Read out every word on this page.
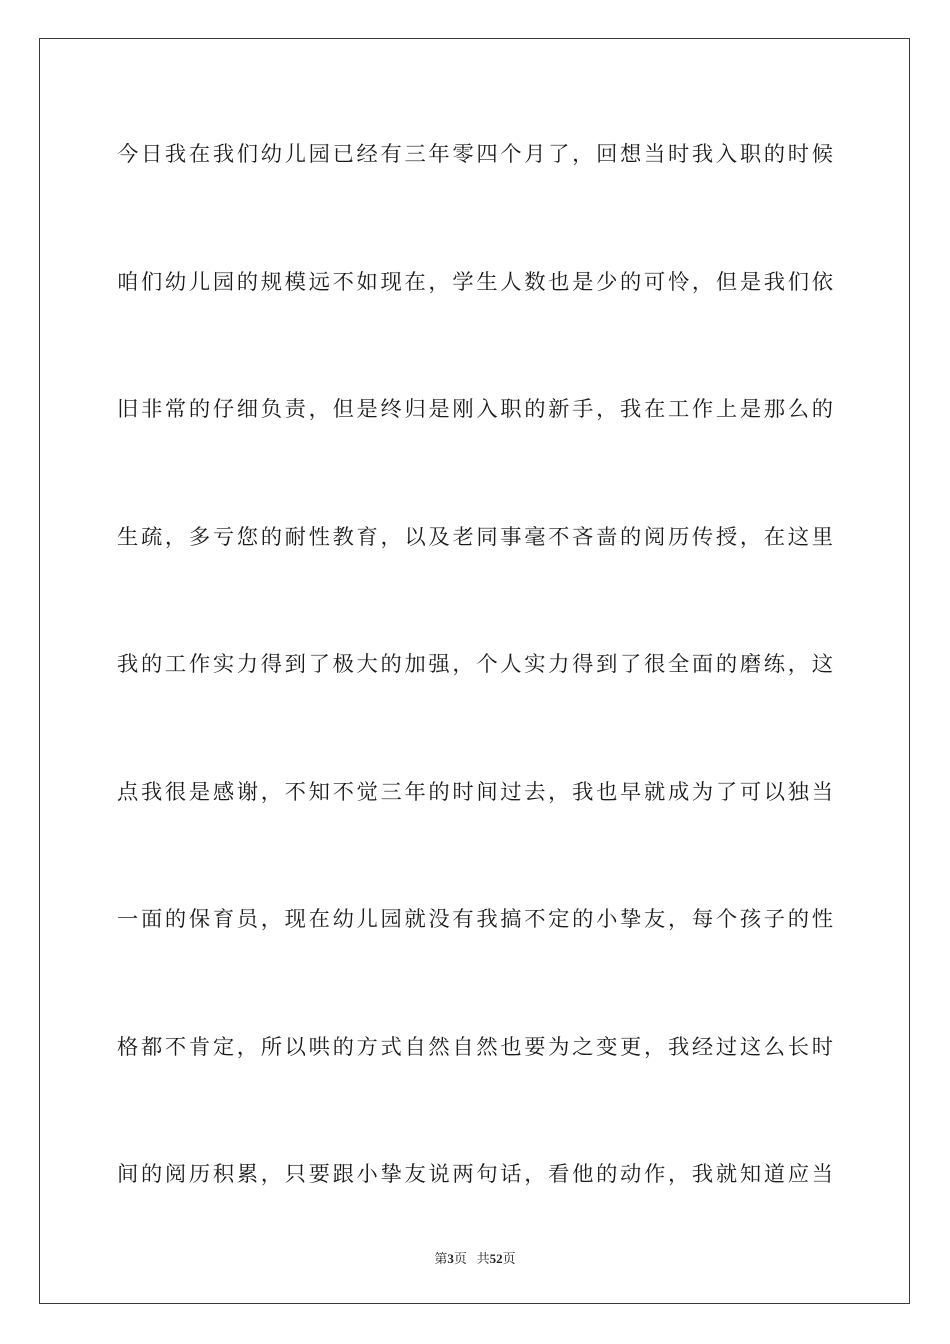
今日我在我们幼儿园已经有三年零四个月了，回想当时我入职的时候
咱们幼儿园的规模远不如现在，学生人数也是少的可怜，但是我们依
旧非常的仔细负责，但是终归是刚入职的新手，我在工作上是那么的
生疏，多亏您的耐性教育，以及老同事毫不吝啬的阅历传授，在这里
我的工作实力得到了极大的加强，个人实力得到了很全面的磨练，这
点我很是感谢，不知不觉三年的时间过去，我也早就成为了可以独当
一面的保育员，现在幼儿园就没有我搞不定的小挚友，每个孩子的性
格都不肯定，所以哄的方式自然自然也要为之变更，我经过这么长时
间的阅历积累，只要跟小挚友说两句话，看他的动作，我就知道应当
第3页 共52页
